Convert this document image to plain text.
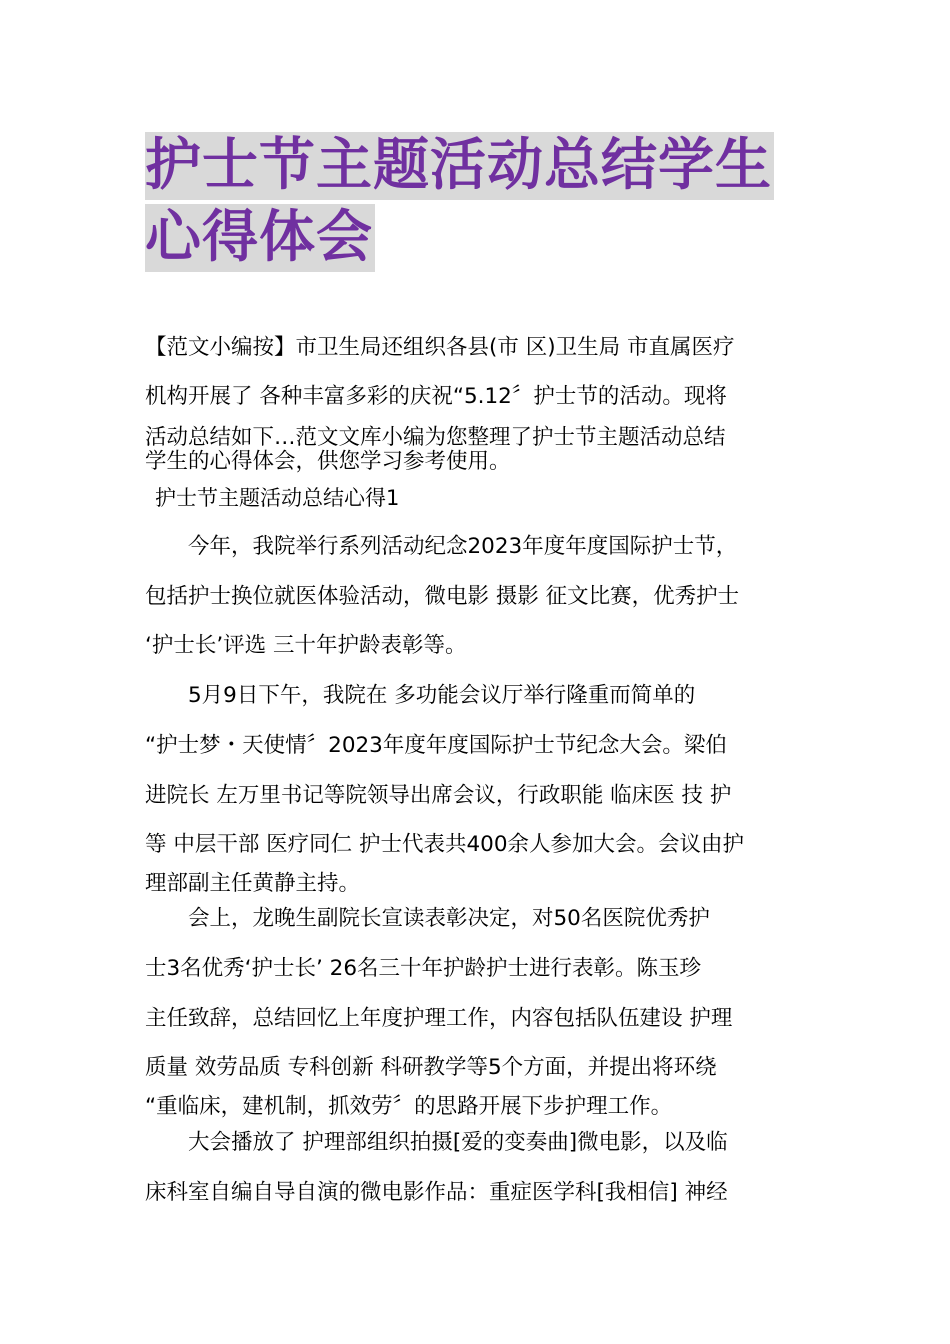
护士节主题活动总结学生
心得体会

【范文小编按】市卫生局还组织各县(市 区)卫生局 市直属医疗

机构开展了 各种丰富多彩的庆祝“5.12〞护士节的活动。现将

活动总结如下…范文文库小编为您整理了护士节主题活动总结

学生的心得体会，供您学习参考使用。

护士节主题活动总结心得1

　　今年，我院举行系列活动纪念2023年度年度国际护士节，

包括护士换位就医体验活动，微电影 摄影 征文比赛，优秀护士

‘护士长’评选 三十年护龄表彰等。

　　5月9日下午，我院在 多功能会议厅举行隆重而简单的

“护士梦・天使情〞2023年度年度国际护士节纪念大会。梁伯

进院长 左万里书记等院领导出席会议，行政职能 临床医 技 护

等 中层干部 医疗同仁 护士代表共400余人参加大会。会议由护

理部副主任黄静主持。

　　会上，龙晚生副院长宣读表彰决定，对50名医院优秀护

士3名优秀‘护士长’ 26名三十年护龄护士进行表彰。陈玉珍

主任致辞，总结回忆上年度护理工作，内容包括队伍建设 护理

质量 效劳品质 专科创新 科研教学等5个方面，并提出将环绕

“重临床，建机制，抓效劳〞的思路开展下步护理工作。

　　大会播放了 护理部组织拍摄[爱的变奏曲]微电影，以及临

床科室自编自导自演的微电影作品：重症医学科[我相信] 神经
